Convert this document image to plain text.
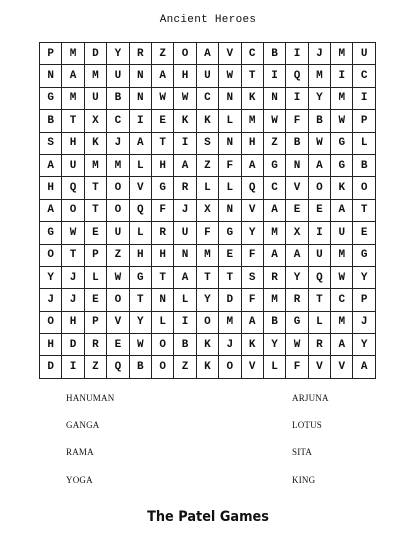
Ancient Heroes
P	M	D	Y	R	Z	O	A	V	C	B	I	J	M	U
N	A	M	U	N	A	H	U	W	T	I	Q	M	I	C
G	M	U	B	N	W	W	C	N	K	N	I	Y	M	I
B	T	X	C	I	E	K	K	L	M	W	F	B	W	P
S	H	K	J	A	T	I	S	N	H	Z	B	W	G	L
A	U	M	M	L	H	A	Z	F	A	G	N	A	G	B
H	Q	T	O	V	G	R	L	L	Q	C	V	O	K	O
A	O	T	O	Q	F	J	X	N	V	A	E	E	A	T
G	W	E	U	L	R	U	F	G	Y	M	X	I	U	E
O	T	P	Z	H	H	N	M	E	F	A	A	U	M	G
Y	J	L	W	G	T	A	T	T	S	R	Y	Q	W	Y
J	J	E	O	T	N	L	Y	D	F	M	R	T	C	P
O	H	P	V	Y	L	I	O	M	A	B	G	L	M	J
H	D	R	E	W	O	B	K	J	K	Y	W	R	A	Y
D	I	Z	Q	B	O	Z	K	O	V	L	F	V	V	A
HANUMAN
GANGA
RAMA
YOGA
ARJUNA
LOTUS
SITA
KING
The Patel Games
